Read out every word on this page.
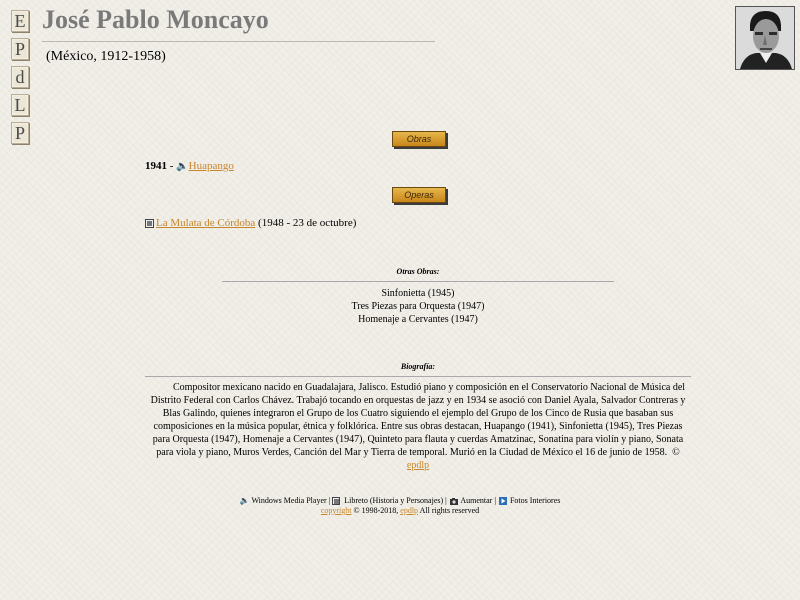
E
P
d
L
P
José Pablo Moncayo
(México, 1912-1958)
Obras
1941 - 🔈Huapango
Operas
La Mulata de Córdoba (1948 - 23 de octubre)
Otras Obras:
Sinfonietta (1945)
Tres Piezas para Orquesta (1947)
Homenaje a Cervantes (1947)
Biografía:
Compositor mexicano nacido en Guadalajara, Jalisco. Estudió piano y composición en el Conservatorio Nacional de Música del Distrito Federal con Carlos Chávez. Trabajó tocando en orquestas de jazz y en 1934 se asoció con Daniel Ayala, Salvador Contreras y Blas Galindo, quienes integraron el Grupo de los Cuatro siguiendo el ejemplo del Grupo de los Cinco de Rusia que basaban sus composiciones en la música popular, étnica y folklórica. Entre sus obras destacan, Huapango (1941), Sinfonietta (1945), Tres Piezas para Orquesta (1947), Homenaje a Cervantes (1947), Quinteto para flauta y cuerdas Amatzinac, Sonatina para violín y piano, Sonata para viola y piano, Muros Verdes, Canción del Mar y Tierra de temporal. Murió en la Ciudad de México el 16 de junio de 1958. ©
epdlp
🔈 Windows Media Player | Libreto (Historia y Personajes) | Aumentar | Fotos Interiores
copyright © 1998-2018, epdlp All rights reserved
